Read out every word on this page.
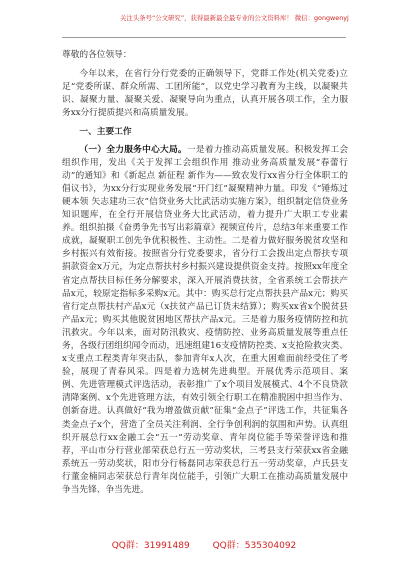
关注头条号“公文研究”，获得最新最全最专业的公文资料库！ 微信：gongwenyj

尊敬的各位领导：

今年以来，在省行分行党委的正确领导下，党群工作处(机关党委)立足“党委所谋、群众所需、工团所能”，以党史学习教育为主线，以凝聚共识、凝聚力量、凝聚关爱、凝聚导向为重点，认真开展各项工作，全力服务xx分行提质提兴和高质量发展。

一、主要工作

（一）全力服务中心大局。一是着力推动高质量发展。积极发挥工会组织作用，发出《关于发挥工会组织作用 推动业务高质量发展“春蕾行动”的通知》和《新起点 新征程 新作为——致农发行xx省分行全体职工的倡议书》，为xx分行实现业务发展“开门红”凝聚精神力量。印发《“锤炼过硬本领 矢志建功三农”信贷业务大比武活动实施方案》，组织制定信贷业务知识题库，在全行开展信贷业务大比武活动，着力提升广大职工专业素养。组织拍摄《奋勇争先书写出彩篇章》视频宣传片，总结3年来重要工作成就，凝聚职工创先争优积极性、主动性。二是着力做好服务脱贫攻坚和乡村振兴有效衔接。按照省分行党委要求，省分行工会拨出定点帮扶专项捐款资金x万元，为定点帮扶村乡村振兴建设提供资金支持。按照xx年度全省定点帮扶目标任务分解要求，深入开展消费扶贫，全省系统工会帮扶产品x元，较原定指标多采购x元。其中：购买总行定点帮扶县产品x元；购买省行定点帮扶村产品x元（x扶贫产品已订货未结算）；购买xx省x个脱贫县产品x元；购买其他脱贫困地区帮扶产品x元。三是着力服务疫情防控和抗汛救灾。今年以来，面对防汛救灾、疫情防控、业务高质量发展等重点任务，各级行团组织闻令而动，迅速组建16支疫情防控类、x支抢险救灾类、x支重点工程类青年突击队，参加青年x人次，在重大困难面前经受住了考验，展现了青春风采。四是着力选树先进典型。开展优秀示范项目、案例、先进管理模式评选活动，表彰推广了x个项目发展模式、4个不良贷款清降案例、x个先进管理方法，有效引领全行职工在精准脱困中担当作为、创新奋进。认真做好“我为增盈做贡献”征集“金点子”评选工作，共征集各类金点子x个，营造了全员关注利润、全行争创利润的氛围和声势。认真组织开展总行xx金融工会“五一”劳动奖章、青年岗位能手等荣誉评选和推荐，平山市分行营业部荣获总行五一劳动奖状，三考县支行荣获xx省金融系统五一劳动奖状，阳市分行杨磊同志荣获总行五一劳动奖章，卢氏县支行董金楠同志荣获总行青年岗位能手，引领广大职工在推动高质量发展中争当先锋、争当先进。

QQ群：31991489	QQ群：535304092
